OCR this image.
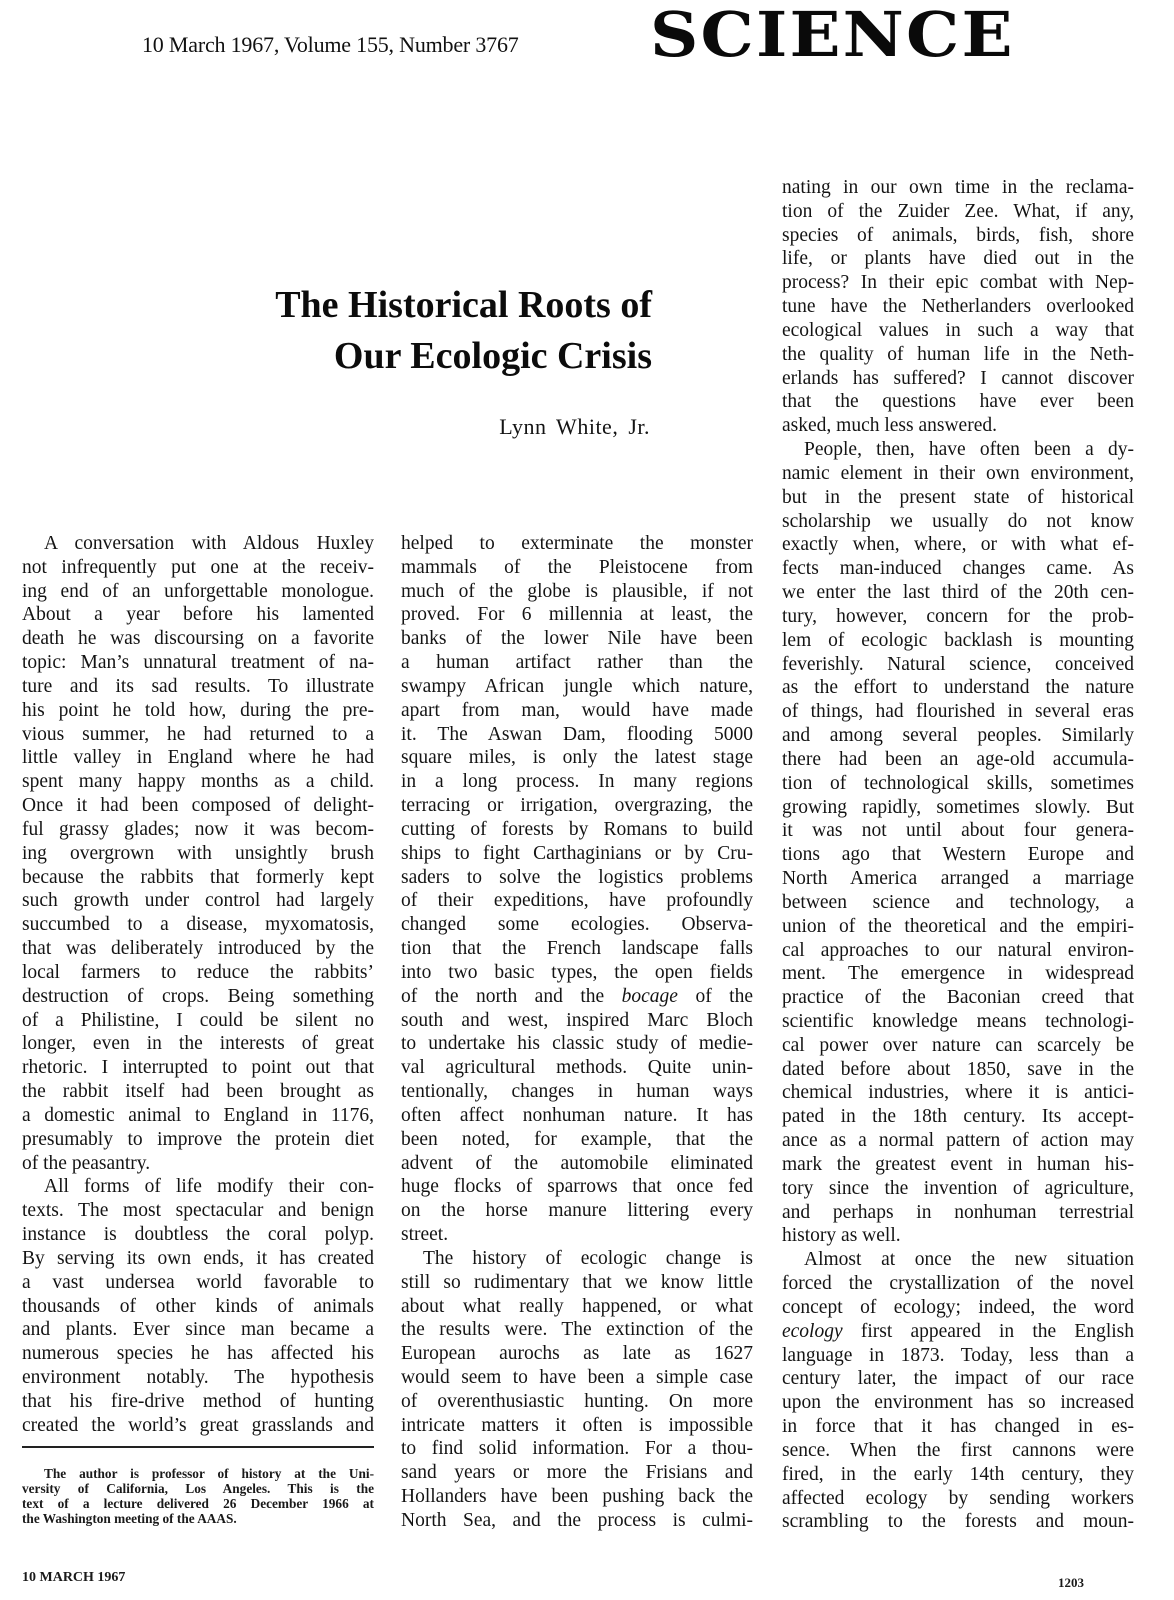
10 March 1967, Volume 155, Number 3767 SCIENCE
The Historical Roots of
Our Ecologic Crisis
Lynn White, Jr.
A conversation with Aldous Huxley
not infrequently put one at the receiv-
ing end of an unforgettable monologue.
About a year before his lamented
death he was discoursing on a favorite
topic: Man’s unnatural treatment of na-
ture and its sad results. To illustrate
his point he told how, during the pre-
vious summer, he had returned to a
little valley in England where he had
spent many happy months as a child.
Once it had been composed of delight-
ful grassy glades; now it was becom-
ing overgrown with unsightly brush
because the rabbits that formerly kept
such growth under control had largely
succumbed to a disease, myxomatosis,
that was deliberately introduced by the
local farmers to reduce the rabbits’
destruction of crops. Being something
of a Philistine, I could be silent no
longer, even in the interests of great
rhetoric. I interrupted to point out that
the rabbit itself had been brought as
a domestic animal to England in 1176,
presumably to improve the protein diet
of the peasantry.
All forms of life modify their con-
texts. The most spectacular and benign
instance is doubtless the coral polyp.
By serving its own ends, it has created
a vast undersea world favorable to
thousands of other kinds of animals
and plants. Ever since man became a
numerous species he has affected his
environment notably. The hypothesis
that his fire-drive method of hunting
created the world’s great grasslands and
helped to exterminate the monster
mammals of the Pleistocene from
much of the globe is plausible, if not
proved. For 6 millennia at least, the
banks of the lower Nile have been
a human artifact rather than the
swampy African jungle which nature,
apart from man, would have made
it. The Aswan Dam, flooding 5000
square miles, is only the latest stage
in a long process. In many regions
terracing or irrigation, overgrazing, the
cutting of forests by Romans to build
ships to fight Carthaginians or by Cru-
saders to solve the logistics problems
of their expeditions, have profoundly
changed some ecologies. Observa-
tion that the French landscape falls
into two basic types, the open fields
of the north and the bocage of the
south and west, inspired Marc Bloch
to undertake his classic study of medie-
val agricultural methods. Quite unin-
tentionally, changes in human ways
often affect nonhuman nature. It has
been noted, for example, that the
advent of the automobile eliminated
huge flocks of sparrows that once fed
on the horse manure littering every
street.
The history of ecologic change is
still so rudimentary that we know little
about what really happened, or what
the results were. The extinction of the
European aurochs as late as 1627
would seem to have been a simple case
of overenthusiastic hunting. On more
intricate matters it often is impossible
to find solid information. For a thou-
sand years or more the Frisians and
Hollanders have been pushing back the
North Sea, and the process is culmi-
nating in our own time in the reclama-
tion of the Zuider Zee. What, if any,
species of animals, birds, fish, shore
life, or plants have died out in the
process? In their epic combat with Nep-
tune have the Netherlanders overlooked
ecological values in such a way that
the quality of human life in the Neth-
erlands has suffered? I cannot discover
that the questions have ever been
asked, much less answered.
People, then, have often been a dy-
namic element in their own environment,
but in the present state of historical
scholarship we usually do not know
exactly when, where, or with what ef-
fects man-induced changes came. As
we enter the last third of the 20th cen-
tury, however, concern for the prob-
lem of ecologic backlash is mounting
feverishly. Natural science, conceived
as the effort to understand the nature
of things, had flourished in several eras
and among several peoples. Similarly
there had been an age-old accumula-
tion of technological skills, sometimes
growing rapidly, sometimes slowly. But
it was not until about four genera-
tions ago that Western Europe and
North America arranged a marriage
between science and technology, a
union of the theoretical and the empiri-
cal approaches to our natural environ-
ment. The emergence in widespread
practice of the Baconian creed that
scientific knowledge means technologi-
cal power over nature can scarcely be
dated before about 1850, save in the
chemical industries, where it is antici-
pated in the 18th century. Its accept-
ance as a normal pattern of action may
mark the greatest event in human his-
tory since the invention of agriculture,
and perhaps in nonhuman terrestrial
history as well.
Almost at once the new situation
forced the crystallization of the novel
concept of ecology; indeed, the word
ecology first appeared in the English
language in 1873. Today, less than a
century later, the impact of our race
upon the environment has so increased
in force that it has changed in es-
sence. When the first cannons were
fired, in the early 14th century, they
affected ecology by sending workers
scrambling to the forests and moun-
The author is professor of history at the Uni-
versity of California, Los Angeles. This is the
text of a lecture delivered 26 December 1966 at
the Washington meeting of the AAAS.
10 MARCH 1967	1203
